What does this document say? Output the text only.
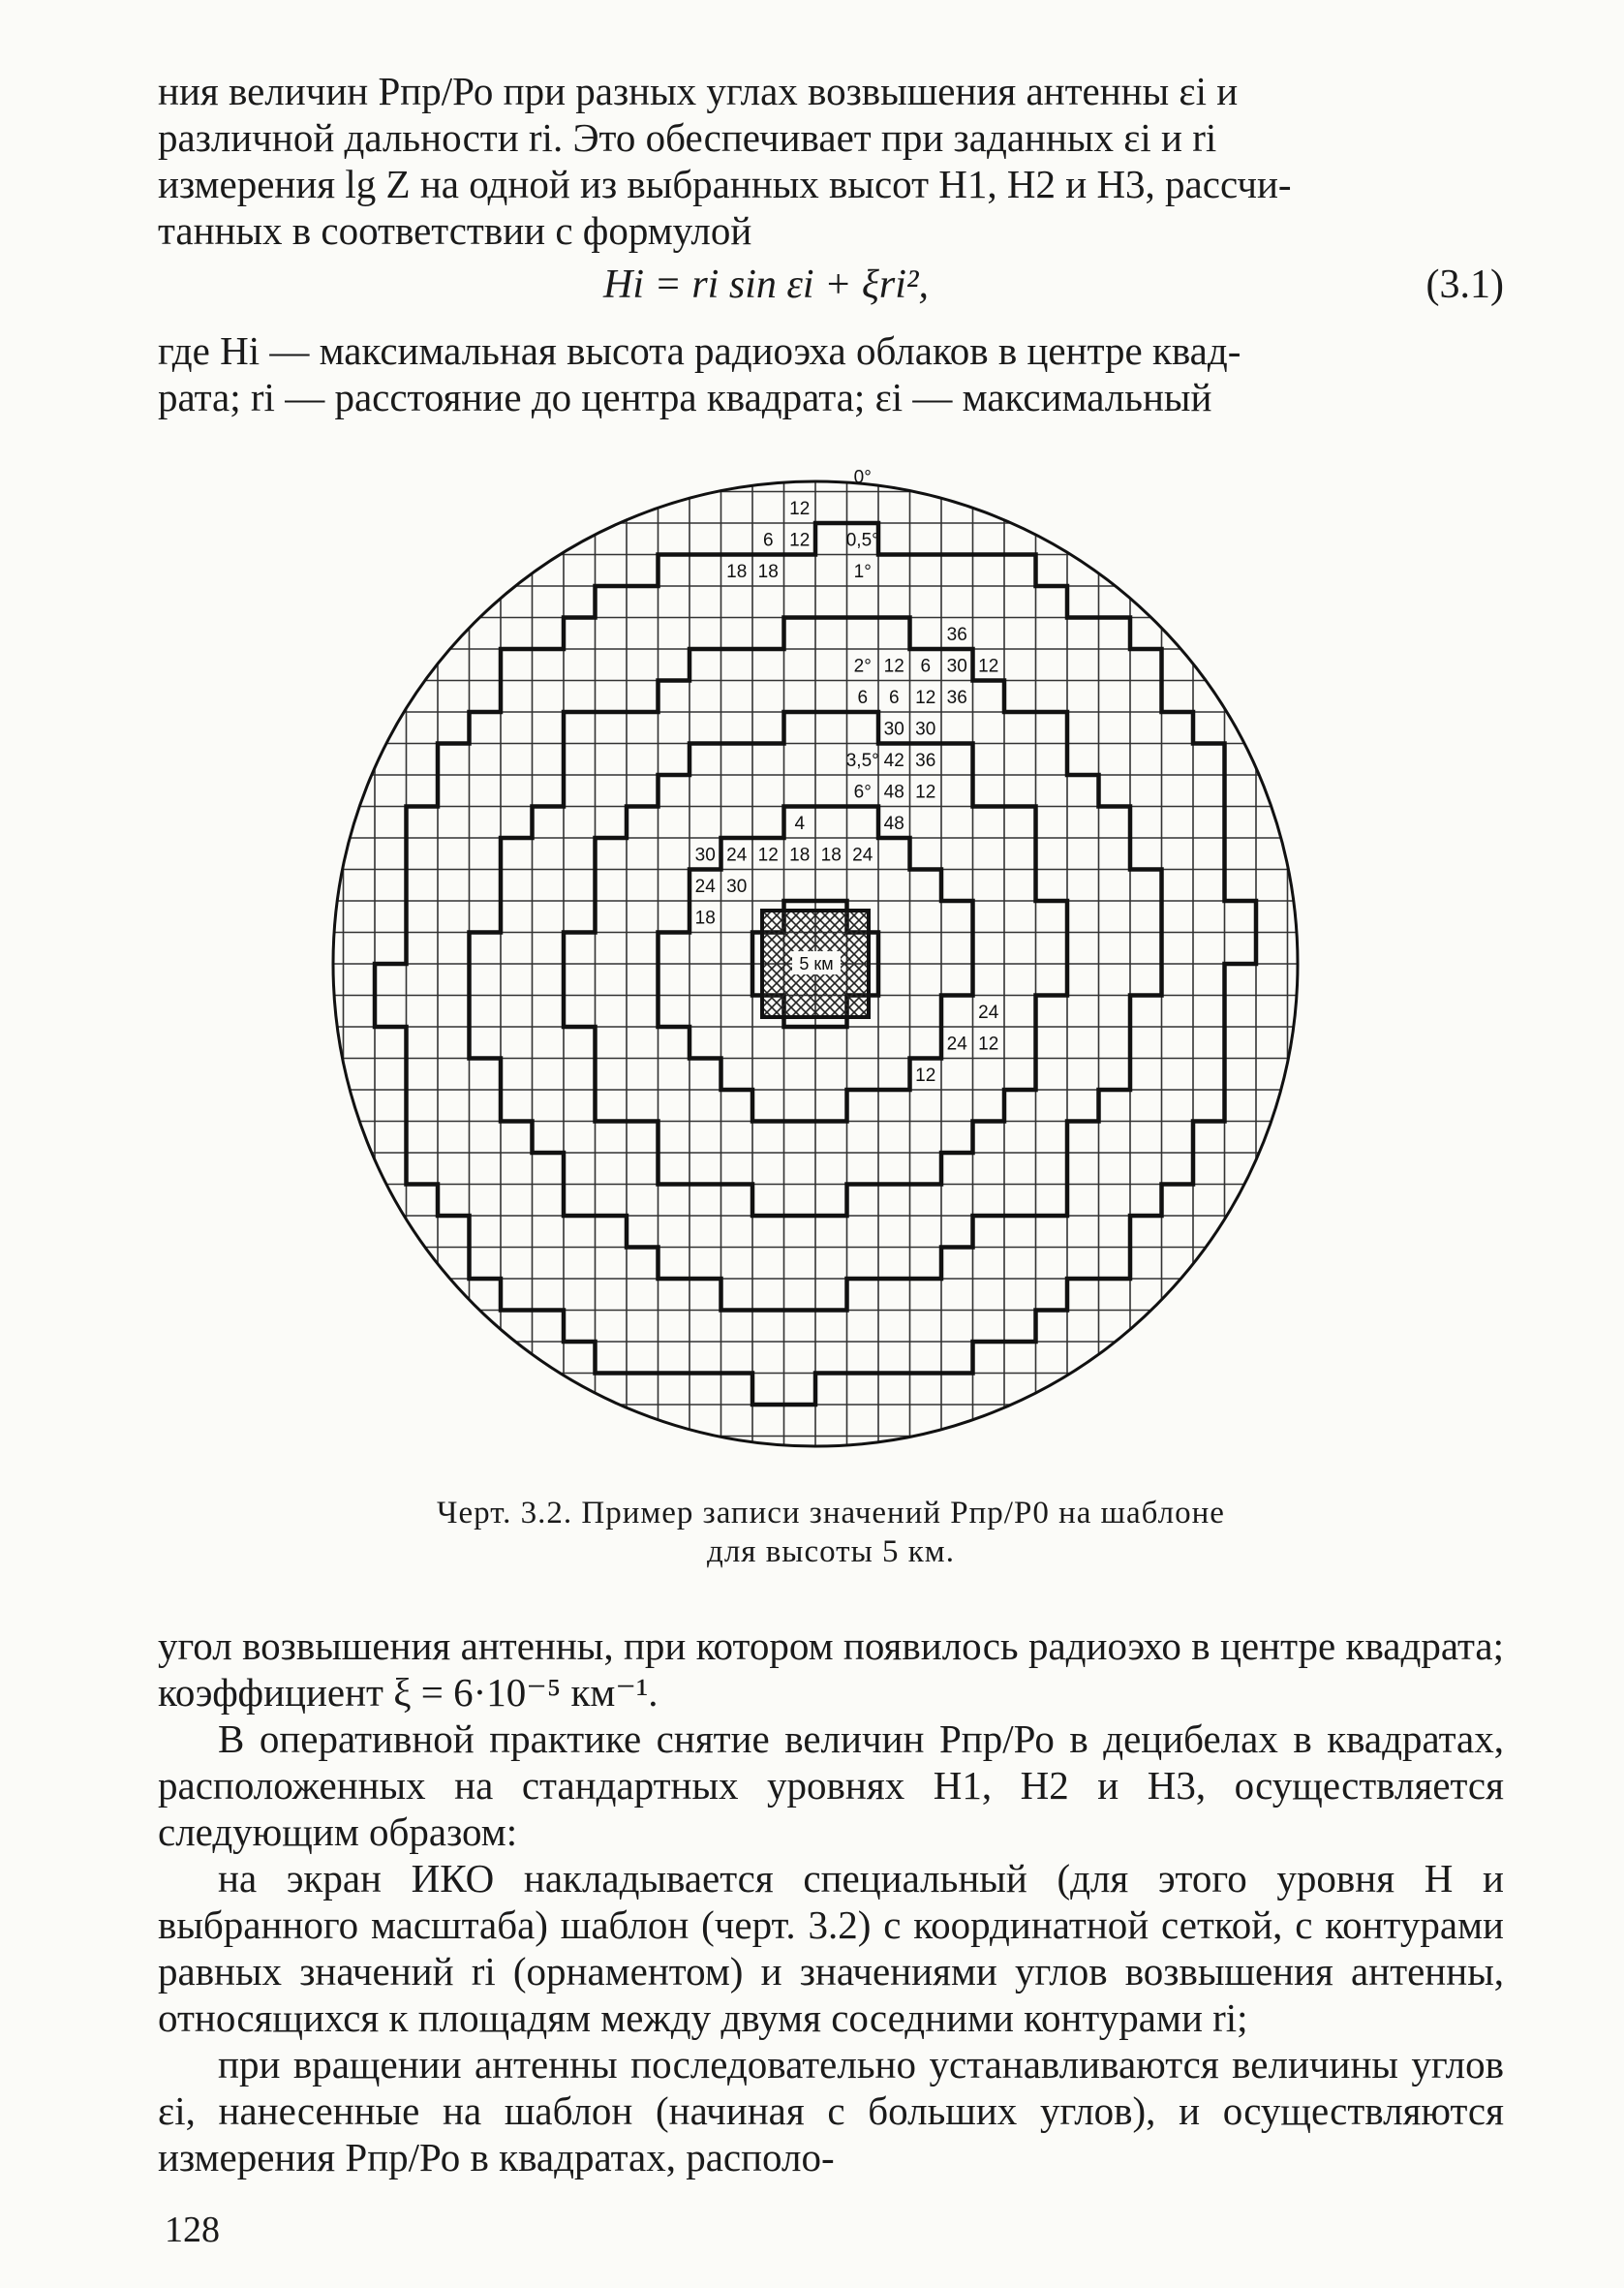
ния величин Рпр/Ро при разных углах возвышения антенны εi и
различной дальности ri. Это обеспечивает при заданных εi и ri
измерения lg Z на одной из выбранных высот H1, H2 и H3, рассчи-
танных в соответствии с формулой
Hi = ri sin εi + ξri²,	(3.1)
где Hi — максимальная высота радиоэха облаков в центре квад-
рата; ri — расстояние до центра квадрата; εi — максимальный
5 км
0°
0,5°
1°
2°
3,5°
6°
12
6 12
18 18
36
12 6 30 12
6 6 12 36
30 30
42 36
48 12
4	48
30 24 12 18 18 24
24 30
18
24
24 12
12
Черт. 3.2. Пример записи значений Рпр/Р0 на шаблоне
для высоты 5 км.

угол возвышения антенны, при котором появилось радиоэхо в центре квадрата; коэффициент ξ = 6·10⁻⁵ км⁻¹.

В оперативной практике снятие величин Рпр/Ро в децибелах в квадратах, расположенных на стандартных уровнях H1, H2 и H3, осуществляется следующим образом:

на экран ИКО накладывается специальный (для этого уровня H и выбранного масштаба) шаблон (черт. 3.2) с координатной сеткой, с контурами равных значений ri (орнаментом) и значениями углов возвышения антенны, относящихся к площадям между двумя соседними контурами ri;

при вращении антенны последовательно устанавливаются величины углов εi, нанесенные на шаблон (начиная с больших углов), и осуществляются измерения Рпр/Ро в квадратах, располо-

128
